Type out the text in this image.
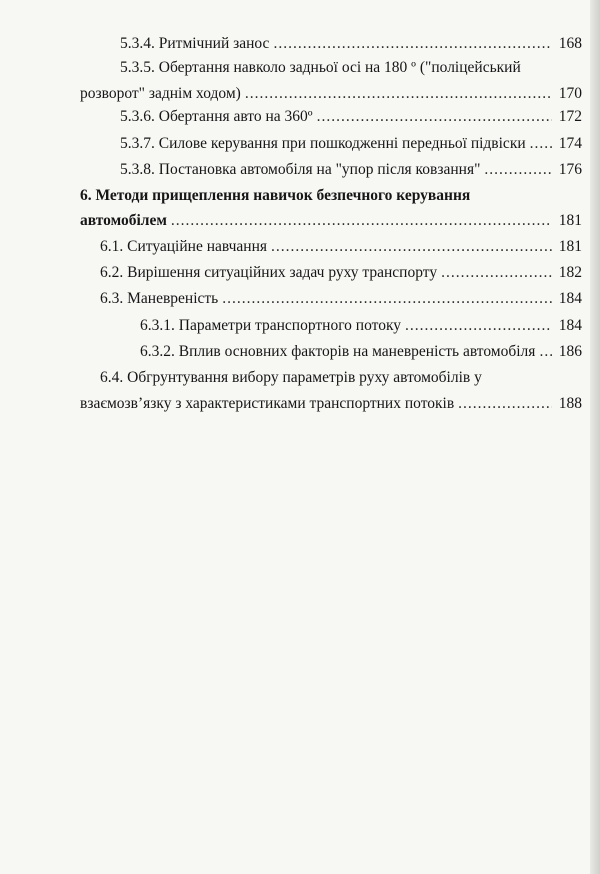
5.3.4. Ритмічний занос .....	168
5.3.5. Обертання навколо задньої осі на 180 º ("поліцейський
розворот" заднім ходом) .....	170
5.3.6. Обертання авто на 360º .....	172
5.3.7. Силове керування при пошкодженні передньої підвіски ..... 174
5.3.8. Постановка автомобіля на "упор після ковзання" .....	176
6. Методи прищеплення навичок безпечного керування
автомобілем .....	181
6.1. Ситуаційне навчання .....	181
6.2. Вирішення ситуаційних задач руху транспорту .....	182
6.3. Маневреність .....	184
6.3.1. Параметри транспортного потоку .....	184
6.3.2. Вплив основних факторів на маневреність автомобіля ..... 186
6.4. Обгрунтування вибору параметрів руху автомобілів у
взаємозв’язку з характеристиками транспортних потоків .....	188
